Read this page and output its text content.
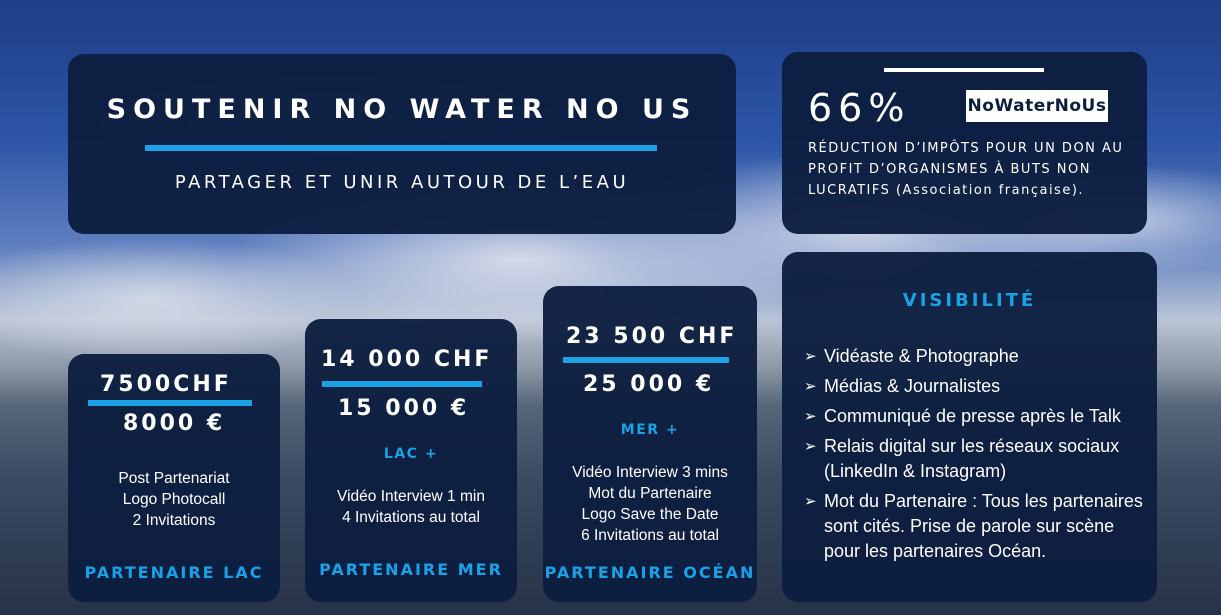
SOUTENIR NO WATER NO US
PARTAGER ET UNIR AUTOUR DE L’EAU
66%	NoWaterNoUs
RÉDUCTION D’IMPÔTS POUR UN DON AU PROFIT D’ORGANISMES À BUTS NON LUCRATIFS (Association française).
7500CHF
8000 €
Post Partenariat
Logo Photocall
2 Invitations
PARTENAIRE LAC
14 000 CHF
15 000 €
LAC +
Vidéo Interview 1 min
4 Invitations au total
PARTENAIRE MER
23 500 CHF
25 000 €
MER +
Vidéo Interview 3 mins
Mot du Partenaire
Logo Save the Date
6 Invitations au total
PARTENAIRE OCÉAN
VISIBILITÉ
➢ Vidéaste & Photographe
➢ Médias & Journalistes
➢ Communiqué de presse après le Talk
➢ Relais digital sur les réseaux sociaux (LinkedIn & Instagram)
➢ Mot du Partenaire : Tous les partenaires sont cités. Prise de parole sur scène pour les partenaires Océan.
